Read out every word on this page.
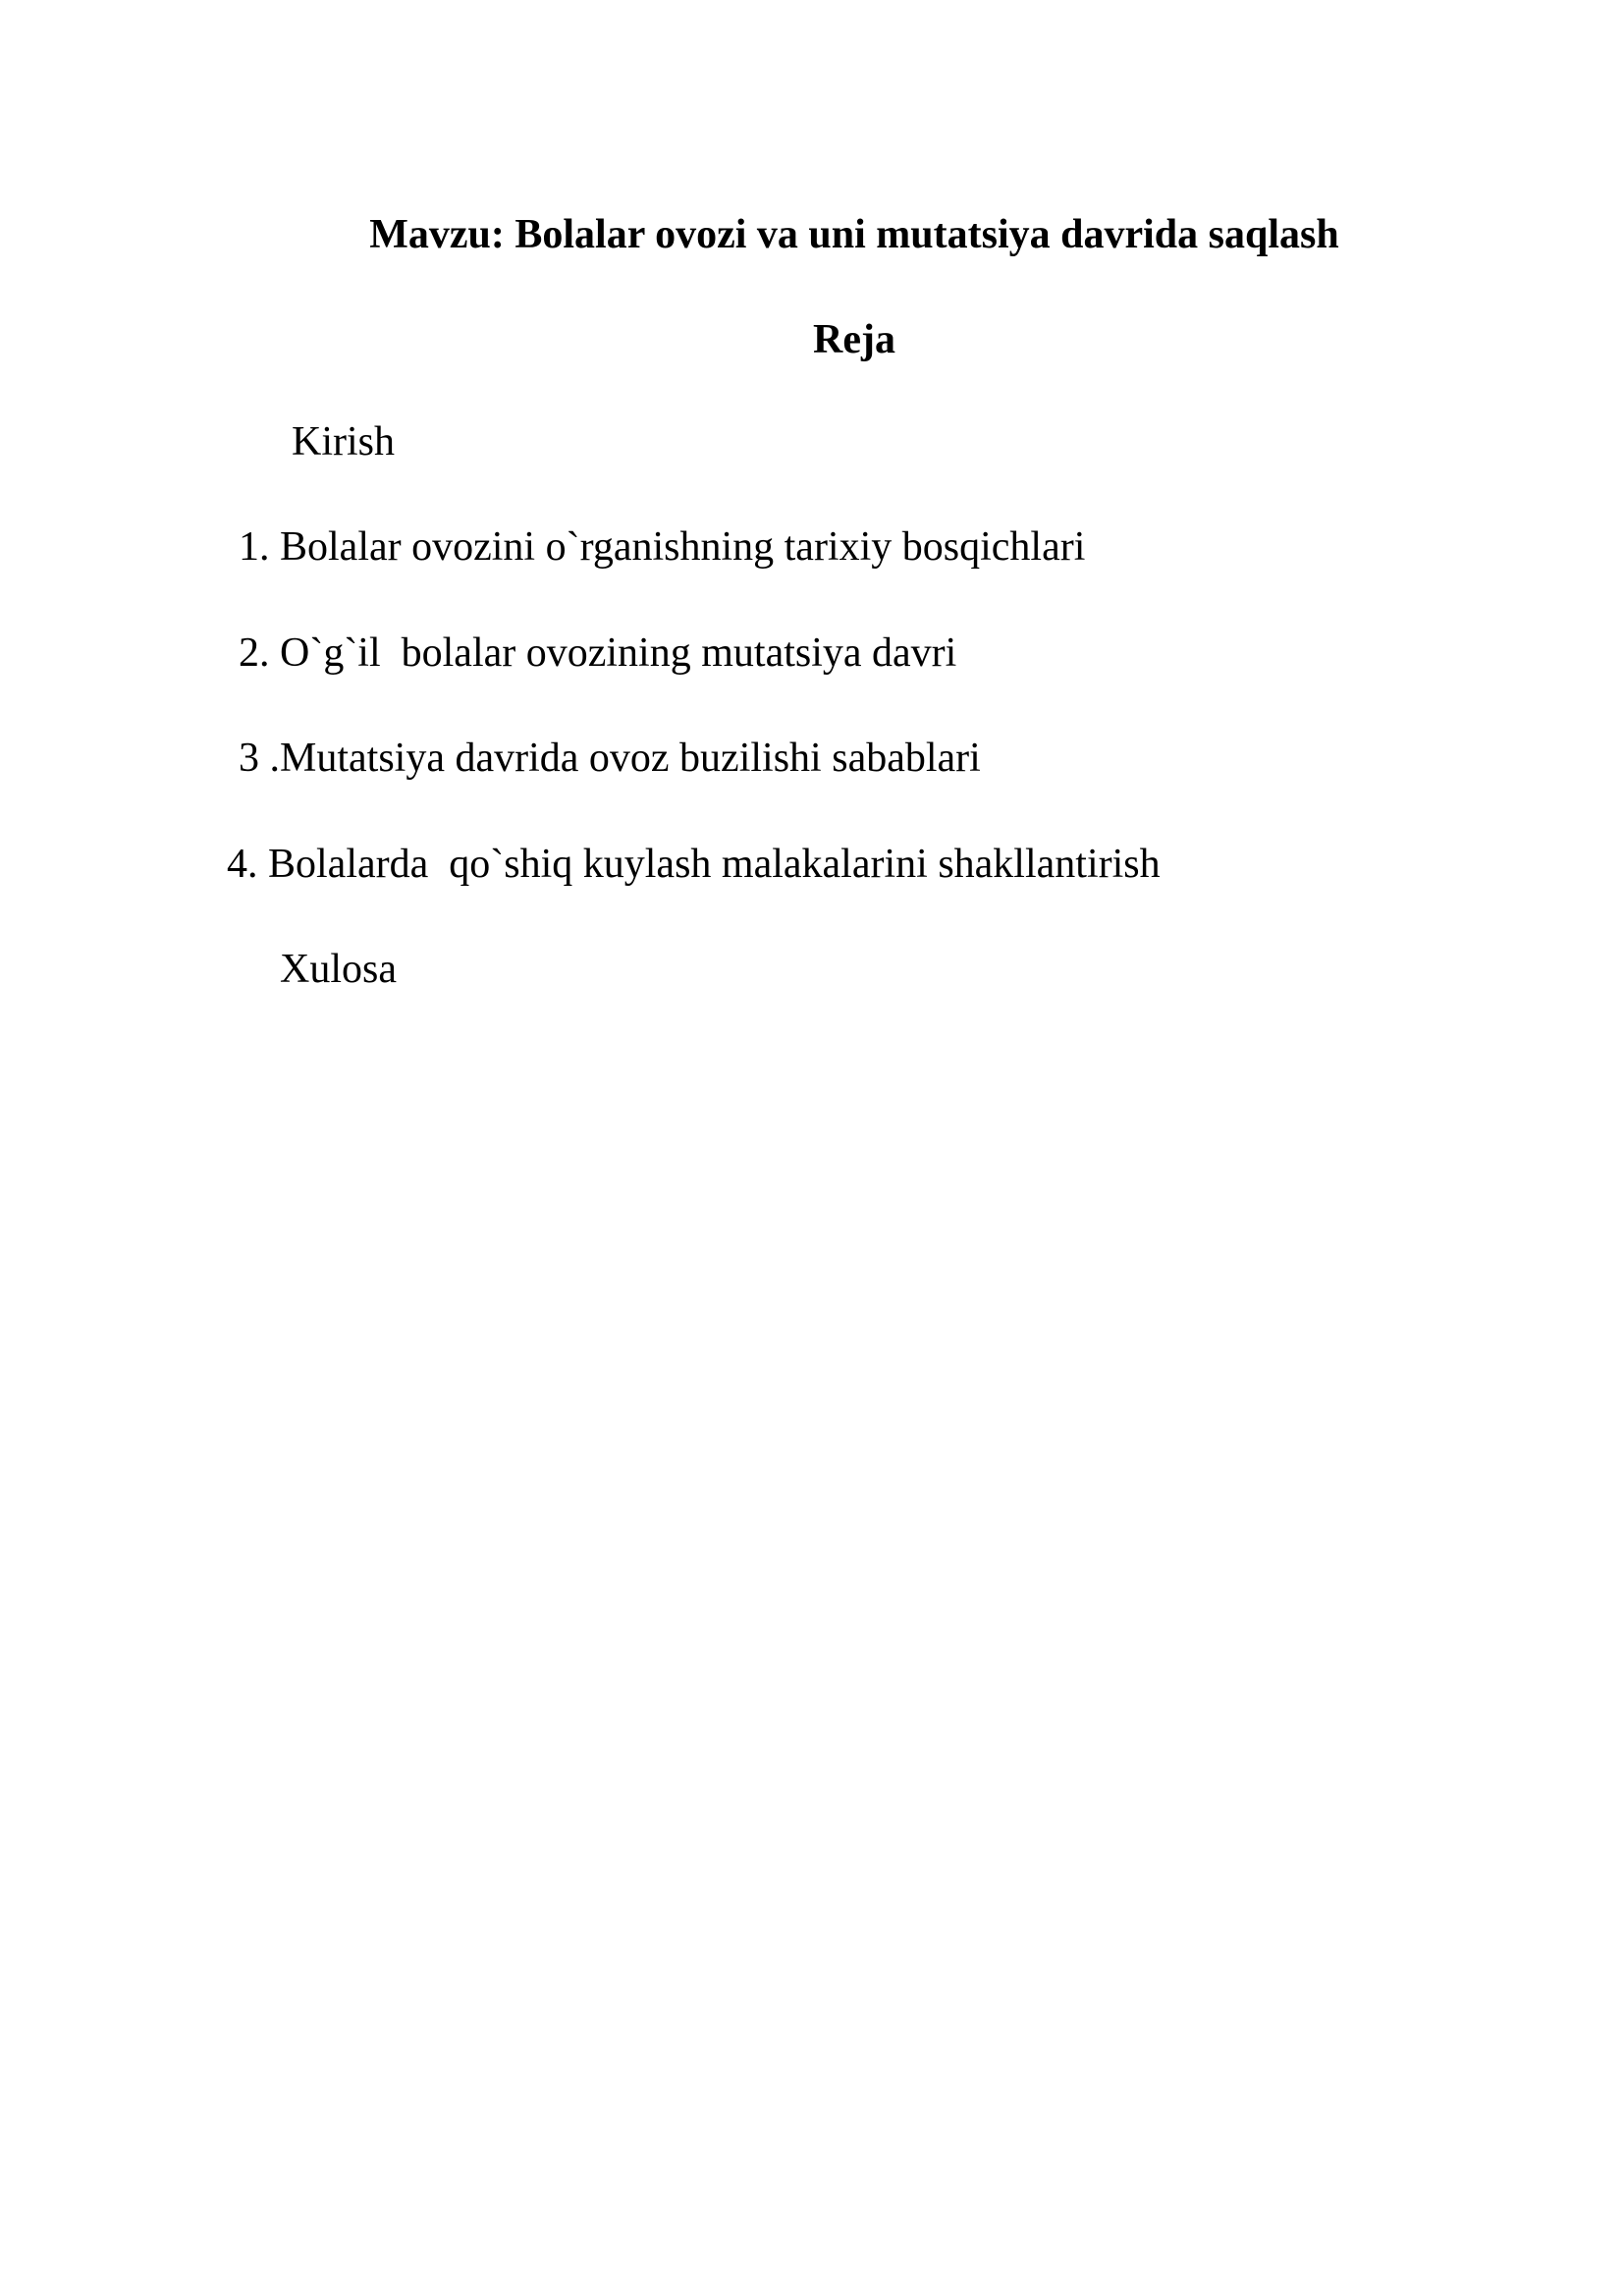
Mavzu: Bolalar ovozi va uni mutatsiya davrida saqlash
Reja
Kirish
1. Bolalar ovozini o`rganishning tarixiy bosqichlari
2. O`g`il  bolalar ovozining mutatsiya davri
3 .Mutatsiya davrida ovoz buzilishi sabablari
4. Bolalarda  qo`shiq kuylash malakalarini shakllantirish
Xulosa
